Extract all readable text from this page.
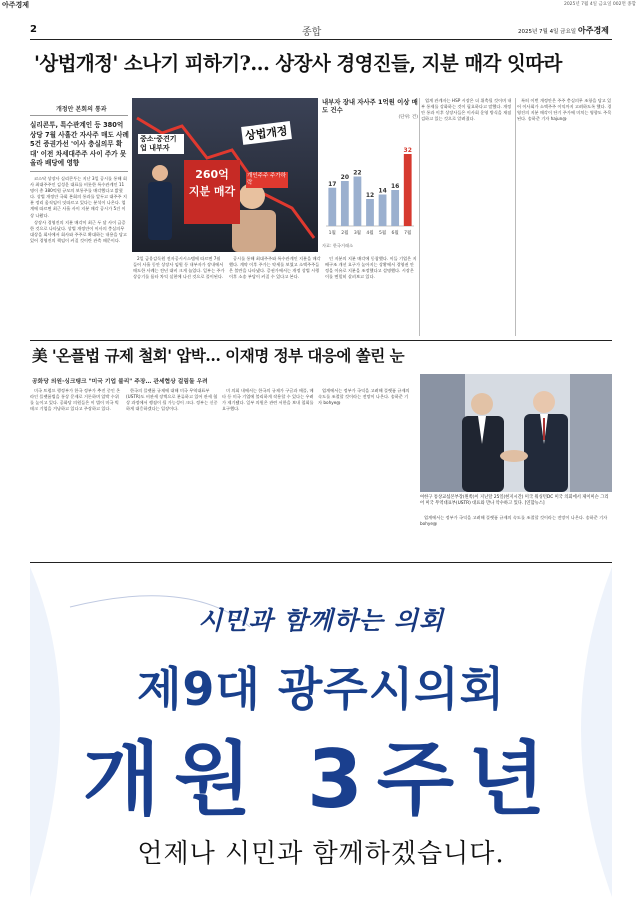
아주경제	2025년 7월 4일 금요일 002면 종합
2	종합	2025년 7월 4일 금요일 아주경제
'상법개정' 소나기 피하기?… 상장사 경영진들, 지분 매각 잇따라
개정안 본회의 통과
실리콘투, 특수관계인 등 380억 상당 7월 사흘간 자사주 매도 사례 5건 증권가선 '이사 충실의무 확대' 이전 차세대주주 사이 주가 못 올라 배당에 영향
중소·중견기업 내부자
상법개정
260억 지분 매각
개인주주 주가하락
내부자 장내 자사주 1억원 이상 매도 건수
(단위: 건)
17
1월
20
2월
22
3월
12
4월
14
5월
16
6월
32
7월
자료: 한국거래소

코스닥 상장사 실리콘투는 지난 3일 공시를 통해 회사 최대주주인 김성운 대표를 비롯한 특수관계인 11명이 총 380억원 규모의 보통주를 매각했다고 밝혔다. 상법 개정안 국회 본회의 통과를 앞두고 대주주 지분 정리 움직임이 잇따르고 있다는 분석이 나온다. 업계에 따르면 최근 사흘 사이 지분 매각 공시가 5건 이상 나왔다.

상장사 경영진의 지분 매각이 최근 두 달 사이 급증한 것으로 나타났다. 상법 개정안이 이사의 충실의무 대상을 회사에서 회사와 주주로 확대하는 내용을 담고 있어 경영진의 책임이 커질 것이란 관측 때문이다.

2일 금융감독원 전자공시시스템에 따르면 7월 들어 사흘 동안 상장사 임원 등 내부자가 장내에서 매도한 사례는 전년 대비 크게 늘었다. 일부는 주가 상승기를 틈타 차익 실현에 나선 것으로 풀이된다.

공시를 통해 최대주주와 특수관계인 지분을 매각했다. 계약 이후 주가는 약세를 보였고 소액주주들은 불만을 나타냈다. 증권가에서는 개정 상법 시행 이후 소송 부담이 커질 수 있다고 본다.

인 지분의 지분 매각에 동참했다. 이들 기업은 지배구조 개선 요구가 높아지는 상황에서 경영권 안정을 이유로 지분을 조정했다고 설명했다. 시장은 이를 면밀히 살펴보고 있다.

업계 관계자는 HSP 시장은 더 위축될 것이며 내부 통제를 강화하는 것이 필요하다고 말했다. 개정안 통과 이후 상장사들은 이사회 운영 방식을 재점검하고 있는 것으로 알려졌다.

특히 이번 개정안은 주주 충실의무 조항을 담고 있어 이사회가 소액주주 이익까지 고려하도록 했다. 경영진의 지분 매각이 단기 주가에 미치는 영향도 주목된다. 송하준 기자 hajun@

美 '온플법 규제 철회' 압박… 이재명 정부 대응에 쏠린 눈
공화당 의원·싱크탱크 "미국 기업 불리" 주장… 관세협상 걸림돌 우려

미국 트럼프 행정부가 한국 정부가 추진 중인 온라인 플랫폼법을 통상 문제로 거론하며 압박 수위를 높이고 있다. 공화당 의원들은 이 법이 미국 빅테크 기업을 겨냥하고 있다고 주장하고 있다.

한국의 플랫폼 규제에 대해 미국 무역대표부(USTR)도 비관세 장벽으로 분류하고 있어 관세 협상 과정에서 쟁점이 될 가능성이 크다. 정부는 신중하게 대응하겠다는 입장이다.

미 의회 내에서는 한국의 규제가 구글과 애플, 메타 등 미국 기업에 불리하게 작용할 수 있다는 우려가 제기됐다. 일부 의원은 관련 서한을 보내 철회를 요구했다.

업계에서는 정부가 국익을 고려해 플랫폼 규제의 속도를 조절할 것이라는 전망이 나온다. 송하준 기자 bohye@

여한구 통상교섭본부장(왼쪽)이 지난달 25일(현지시간) 미국 워싱턴DC 미국 의회에서 제이미슨 그리어 미국 무역대표부(USTR) 대표와 만나 악수하고 있다. [연합뉴스]

업계에서는 정부가 국익을 고려해 플랫폼 규제의 속도를 조절할 것이라는 전망이 나온다. 송하준 기자 bohye@

시민과 함께하는 의회
제9대 광주시의회
개원 3주년
언제나 시민과 함께하겠습니다.
